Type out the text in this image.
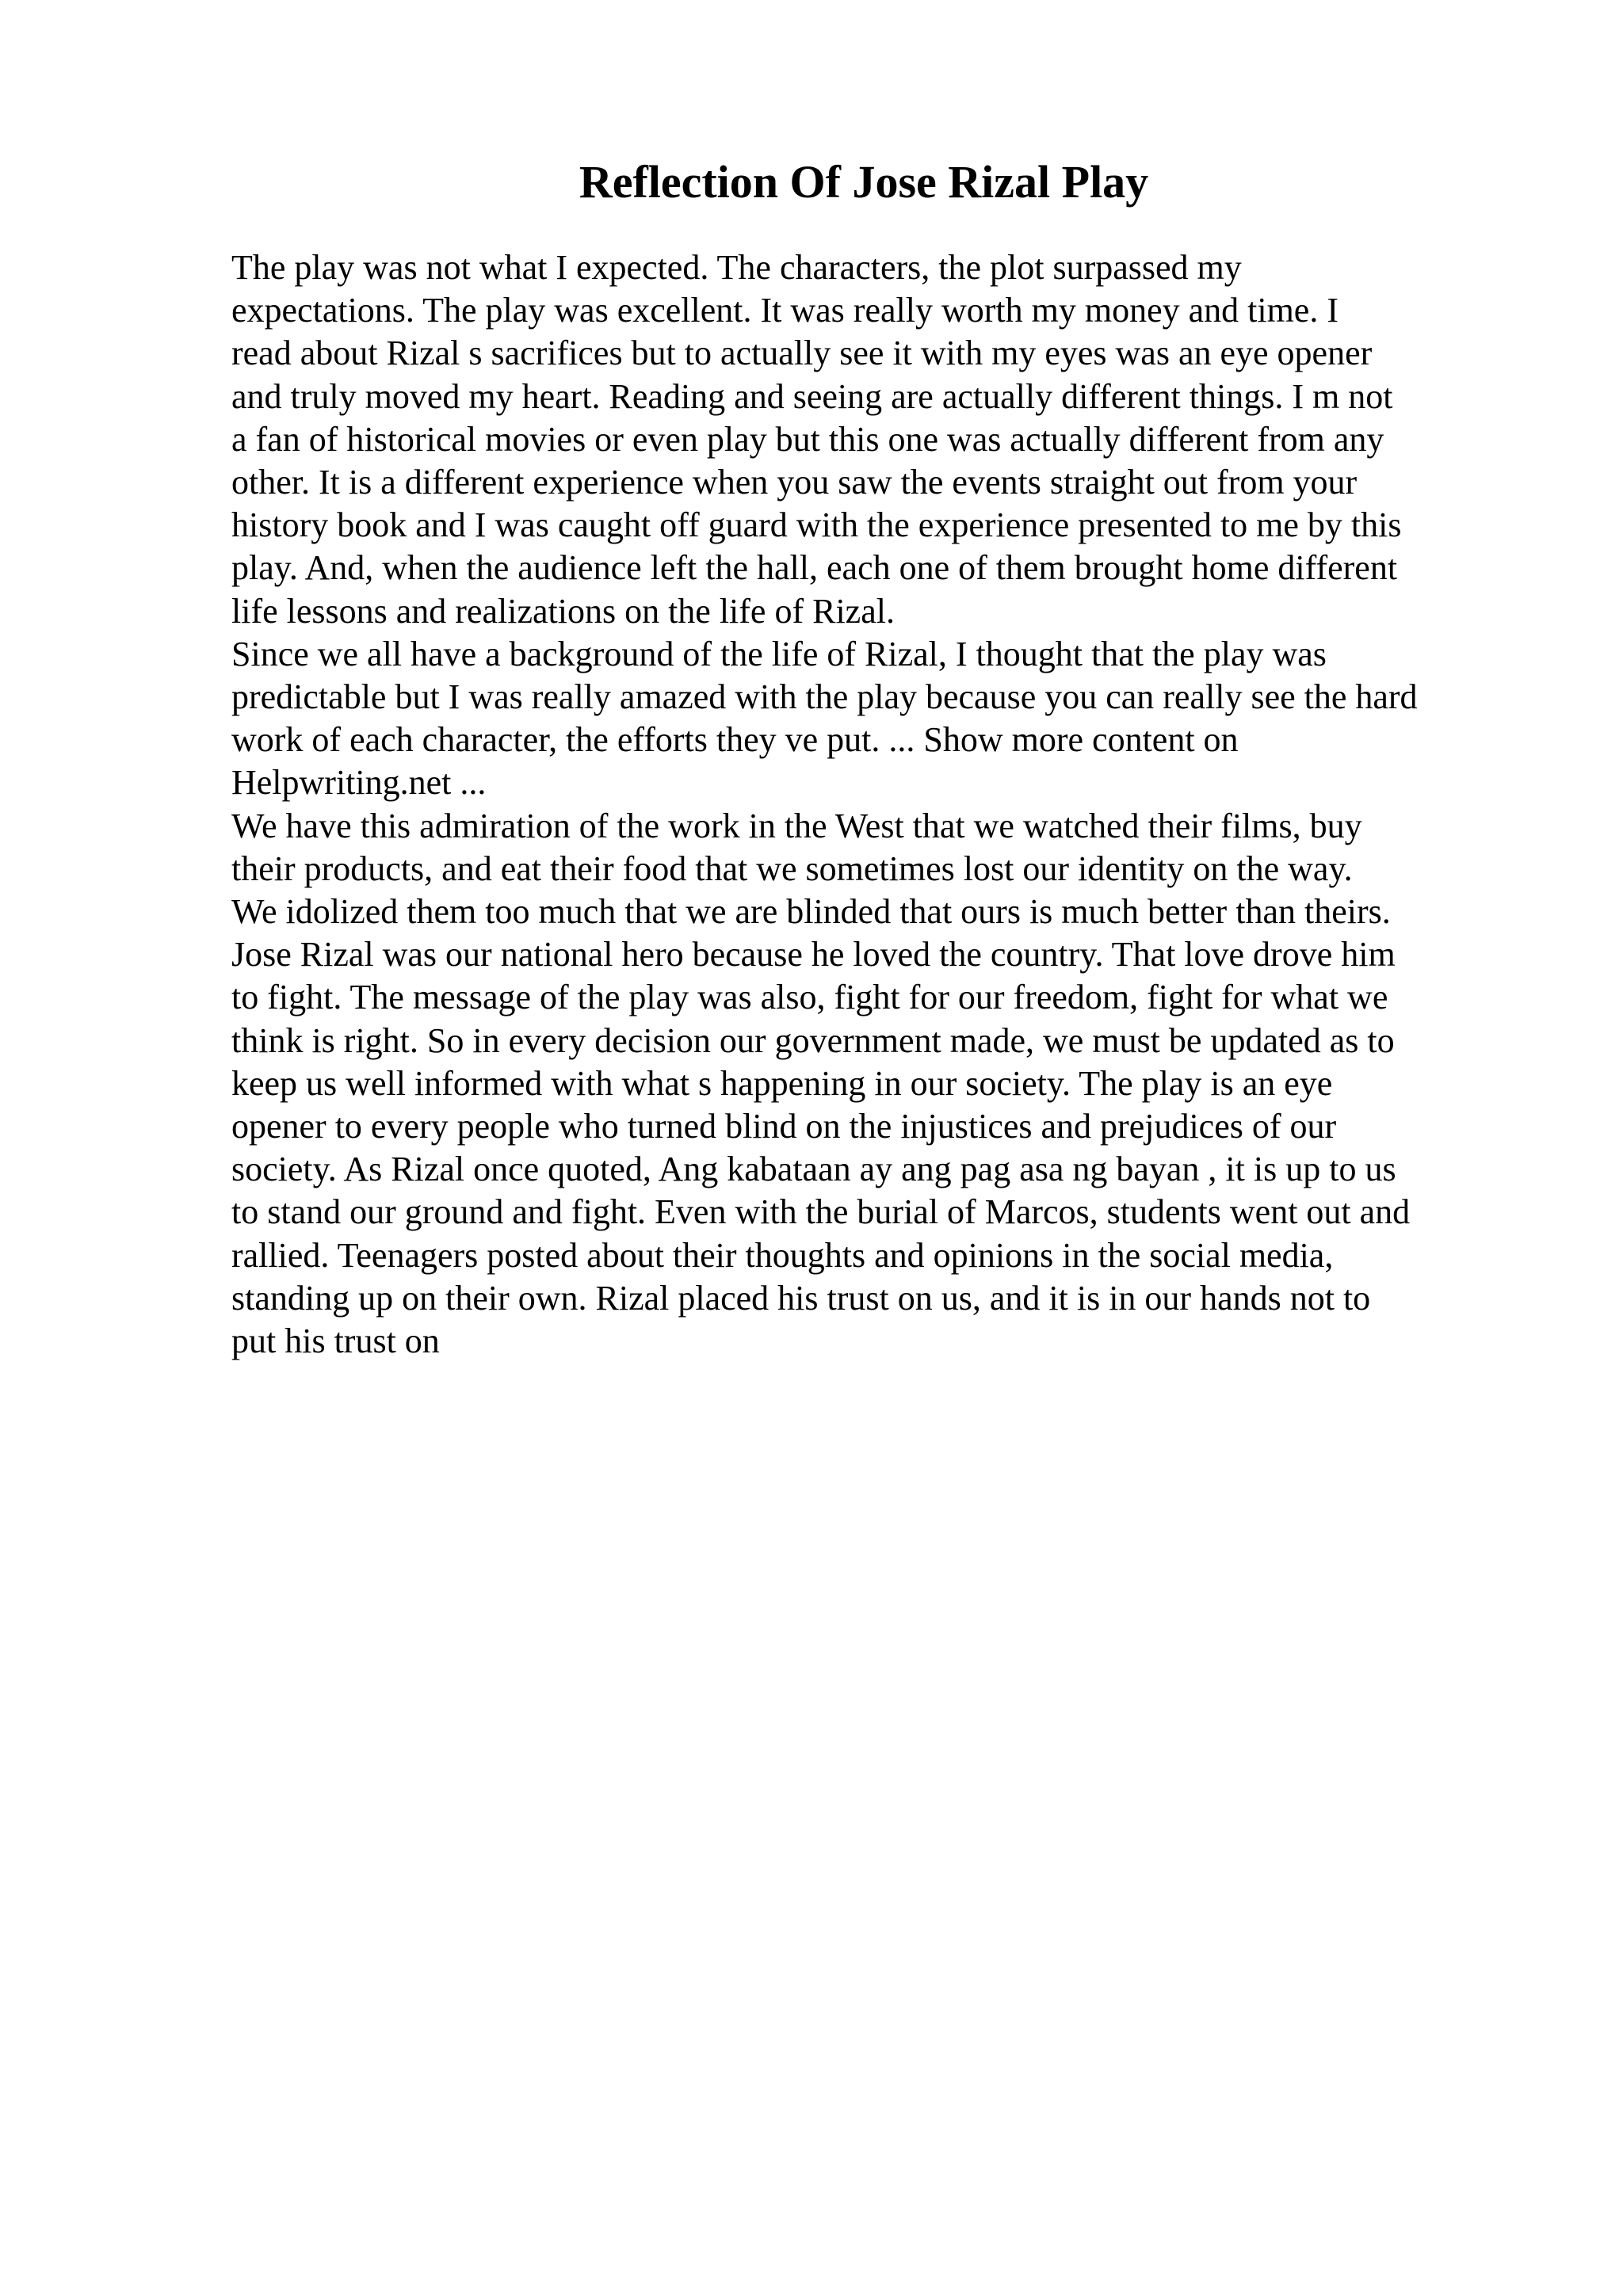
Reflection Of Jose Rizal Play
The play was not what I expected. The characters, the plot surpassed my
expectations. The play was excellent. It was really worth my money and time. I
read about Rizal s sacrifices but to actually see it with my eyes was an eye opener
and truly moved my heart. Reading and seeing are actually different things. I m not
a fan of historical movies or even play but this one was actually different from any
other. It is a different experience when you saw the events straight out from your
history book and I was caught off guard with the experience presented to me by this
play. And, when the audience left the hall, each one of them brought home different
life lessons and realizations on the life of Rizal.
Since we all have a background of the life of Rizal, I thought that the play was
predictable but I was really amazed with the play because you can really see the hard
work of each character, the efforts they ve put. ... Show more content on
Helpwriting.net ...
We have this admiration of the work in the West that we watched their films, buy
their products, and eat their food that we sometimes lost our identity on the way.
We idolized them too much that we are blinded that ours is much better than theirs.
Jose Rizal was our national hero because he loved the country. That love drove him
to fight. The message of the play was also, fight for our freedom, fight for what we
think is right. So in every decision our government made, we must be updated as to
keep us well informed with what s happening in our society. The play is an eye
opener to every people who turned blind on the injustices and prejudices of our
society. As Rizal once quoted, Ang kabataan ay ang pag asa ng bayan , it is up to us
to stand our ground and fight. Even with the burial of Marcos, students went out and
rallied. Teenagers posted about their thoughts and opinions in the social media,
standing up on their own. Rizal placed his trust on us, and it is in our hands not to
put his trust on
